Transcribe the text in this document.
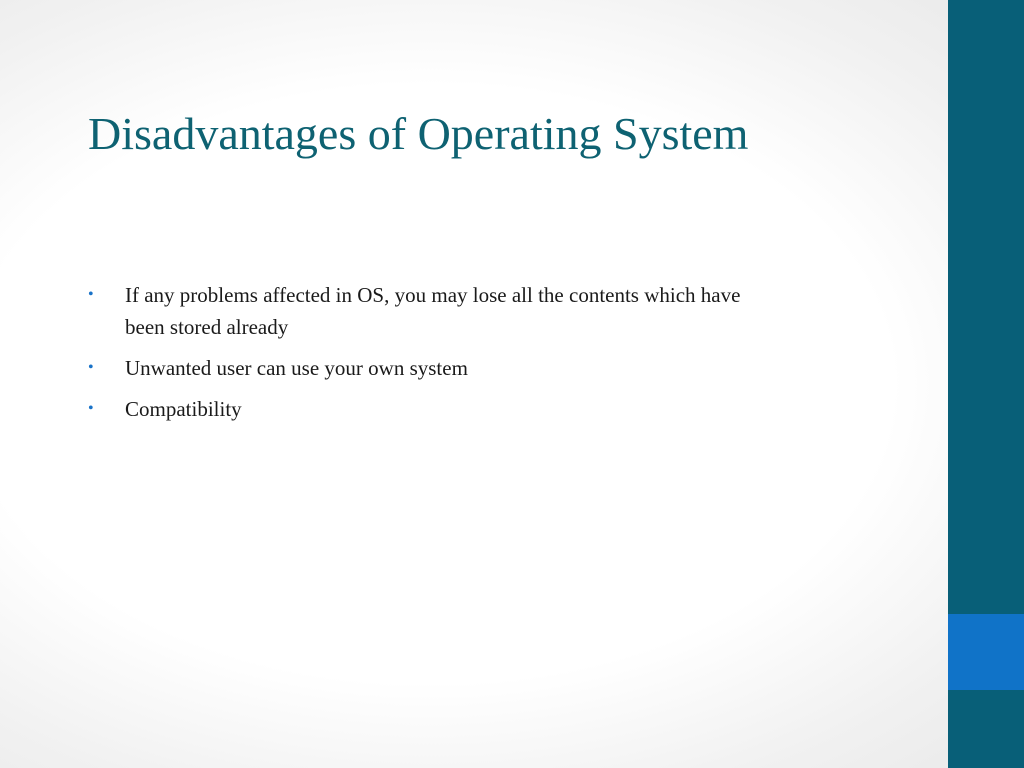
Disadvantages of Operating System
• If any problems affected in OS, you may lose all the contents which have been stored already
• Unwanted user can use your own system
• Compatibility
